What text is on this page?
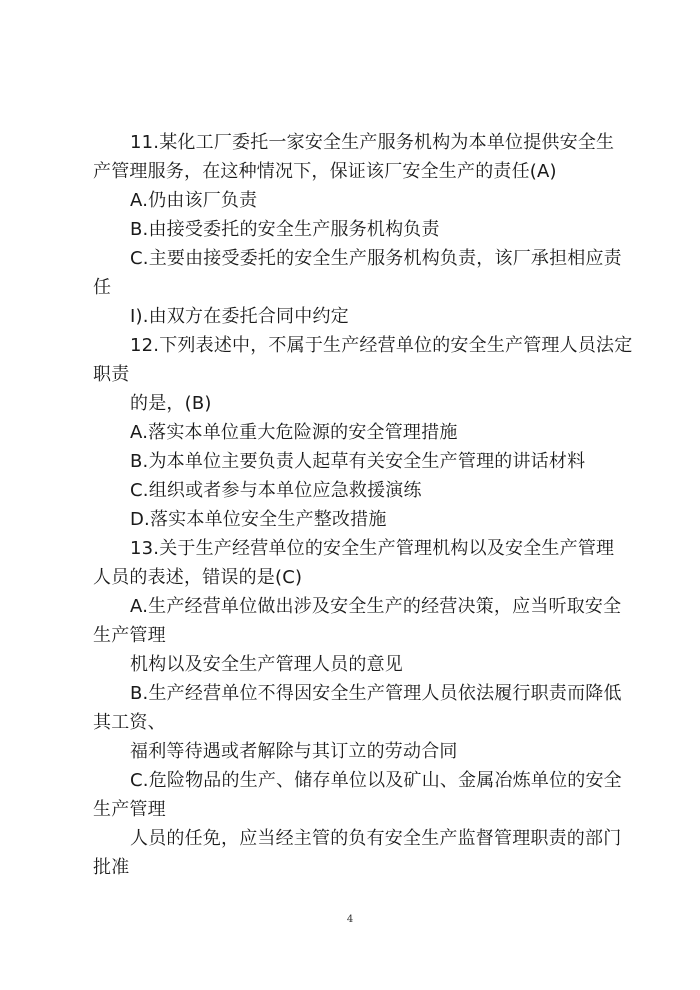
11.某化工厂委托一家安全生产服务机构为本单位提供安全生
产管理服务，在这种情况下，保证该厂安全生产的责任(A)
A.仍由该厂负责
B.由接受委托的安全生产服务机构负责
C.主要由接受委托的安全生产服务机构负责，该厂承担相应责
任
I).由双方在委托合同中约定
12.下列表述中，不属于生产经营单位的安全生产管理人员法定
职责
的是，(B)
A.落实本单位重大危险源的安全管理措施
B.为本单位主要负责人起草有关安全生产管理的讲话材料
C.组织或者参与本单位应急救援演练
D.落实本单位安全生产整改措施
13.关于生产经营单位的安全生产管理机构以及安全生产管理
人员的表述，错误的是(C)
A.生产经营单位做出涉及安全生产的经营决策，应当听取安全
生产管理
机构以及安全生产管理人员的意见
B.生产经营单位不得因安全生产管理人员依法履行职责而降低
其工资、
福利等待遇或者解除与其订立的劳动合同
C.危险物品的生产、储存单位以及矿山、金属冶炼单位的安全
生产管理
人员的任免，应当经主管的负有安全生产监督管理职责的部门
批准
4
